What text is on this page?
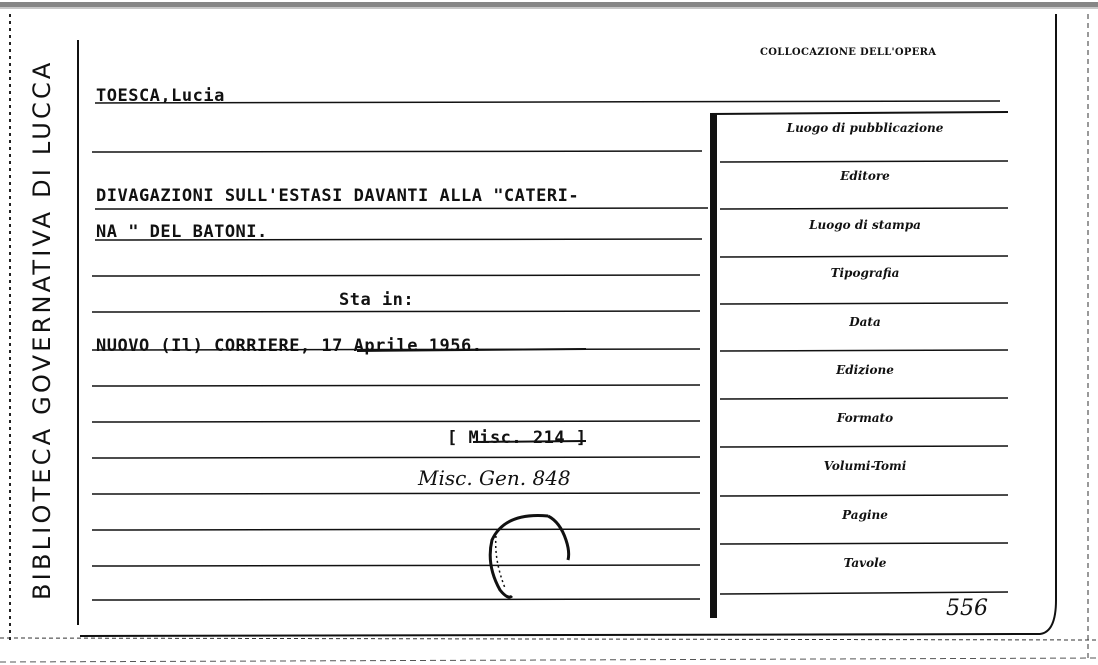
BIBLIOTECA GOVERNATIVA DI LUCCA
COLLOCAZIONE DELL'OPERA
TOESCA,Lucia
DIVAGAZIONI SULL'ESTASI DAVANTI ALLA "CATERI-
NA " DEL BATONI.
Sta in:
NUOVO (Il) CORRIERE, 17 Aprile 1956.
[ Misc. 214 ]
Misc. Gen. 848
556
Luogo di pubblicazione
Editore
Luogo di stampa
Tipografia
Data
Edizione
Formato
Volumi-Tomi
Pagine
Tavole
